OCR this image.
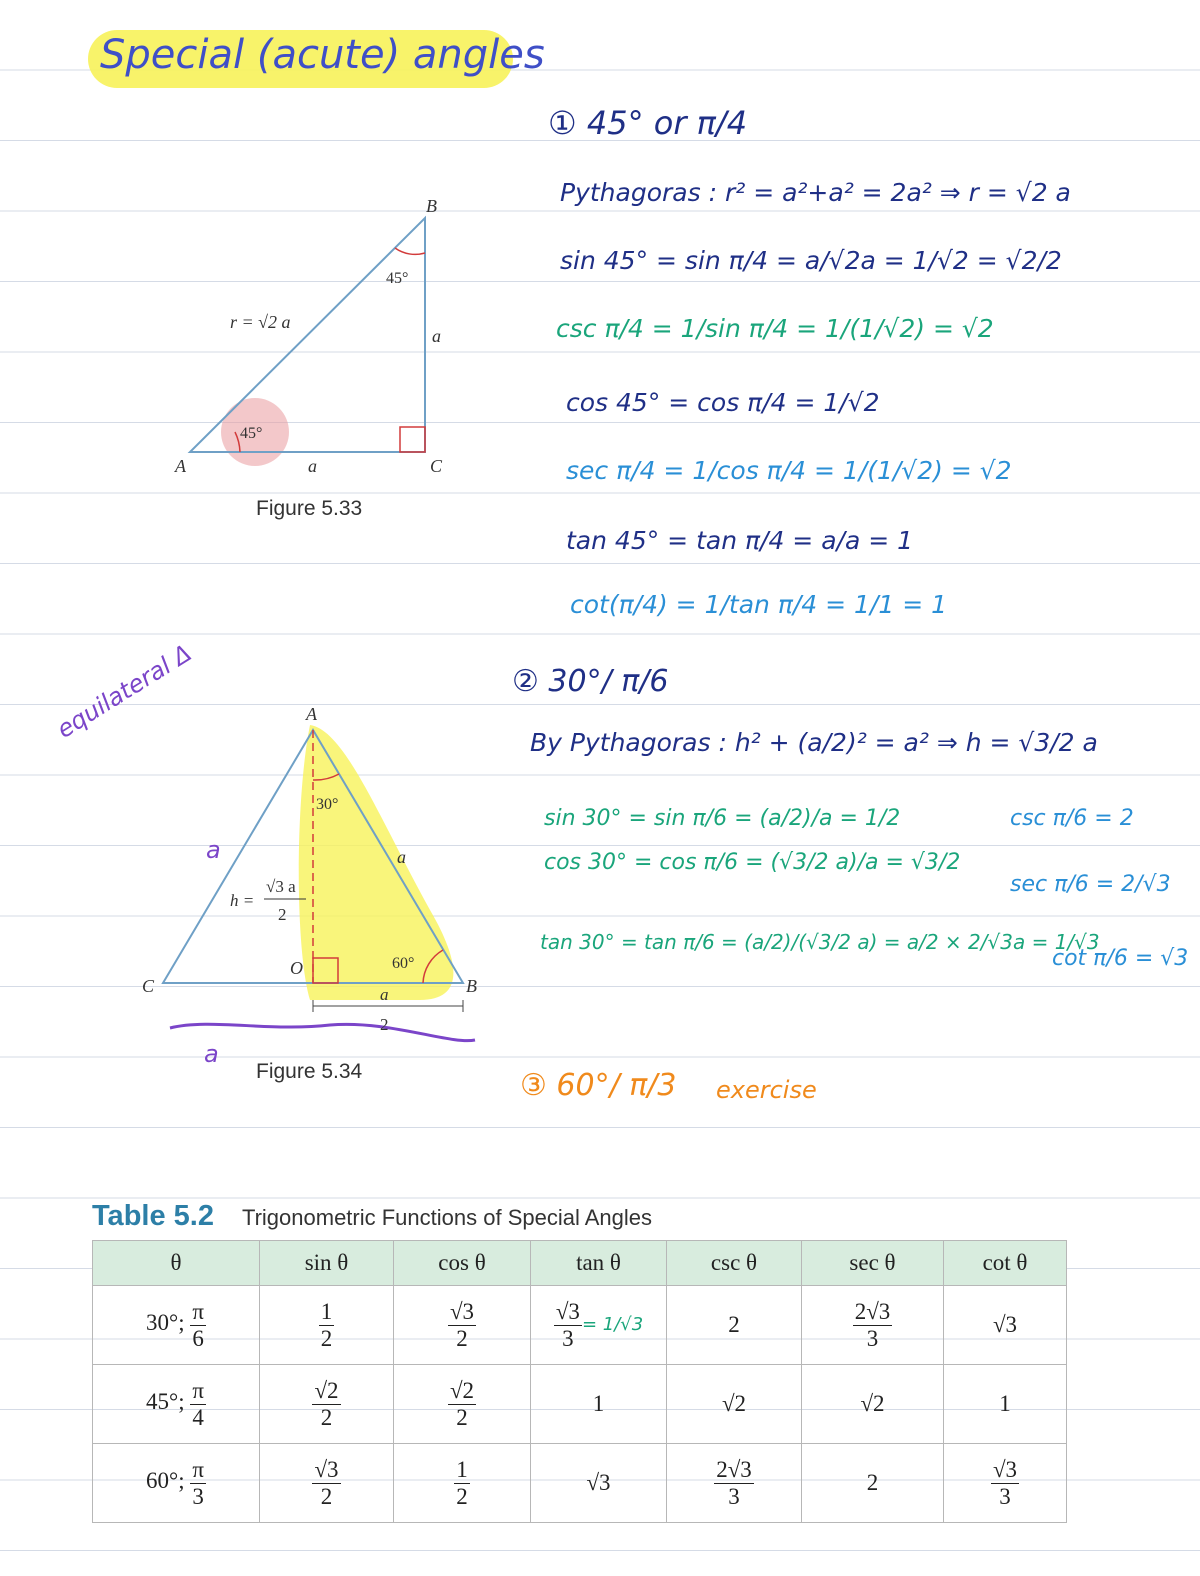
Special (acute) angles
B
A	C
r = √2 a
a
a
45°
45°
Figure 5.33
A
C	B
O
a
30°
60°
h =
√3 a
2
a
2
Figure 5.34
equilateral Δ
a
a
① 45° or π/4
Pythagoras : r² = a²+a² = 2a² ⇒ r = √2 a
sin 45° = sin π/4 = a/√2a = 1/√2 = √2/2
csc π/4 = 1/sin π/4 = 1/(1/√2) = √2
cos 45° = cos π/4 = 1/√2
sec π/4 = 1/cos π/4 = 1/(1/√2) = √2
tan 45° = tan π/4 = a/a = 1
cot(π/4) = 1/tan π/4 = 1/1 = 1
② 30°/ π/6
By Pythagoras : h² + (a/2)² = a² ⇒ h = √3/2 a
sin 30° = sin π/6 = (a/2)/a = 1/2
cos 30° = cos π/6 = (√3/2 a)/a = √3/2
tan 30° = tan π/6 = (a/2)/(√3/2 a) = a/2 × 2/√3a = 1/√3
csc π/6 = 2
sec π/6 = 2/√3
cot π/6 = √3
③ 60°/ π/3 exercise
Table 5.2 Trigonometric Functions of Special Angles
θ	sin θ	cos θ	tan θ	csc θ	sec θ	cot θ
30°; $\frac{\pi}{6}$	$\frac{1}{2}$	$\frac{√3}{2}$	$\frac{√3}{3} = 1/√3$	2	$\frac{2√3}{3}$	√3
45°; $\frac{\pi}{4}$	$\frac{√2}{2}$	$\frac{√2}{2}$	1	√2	√2	1
60°; $\frac{\pi}{3}$	$\frac{√3}{2}$	$\frac{1}{2}$	√3	$\frac{2√3}{3}$	2	$\frac{√3}{3}$
